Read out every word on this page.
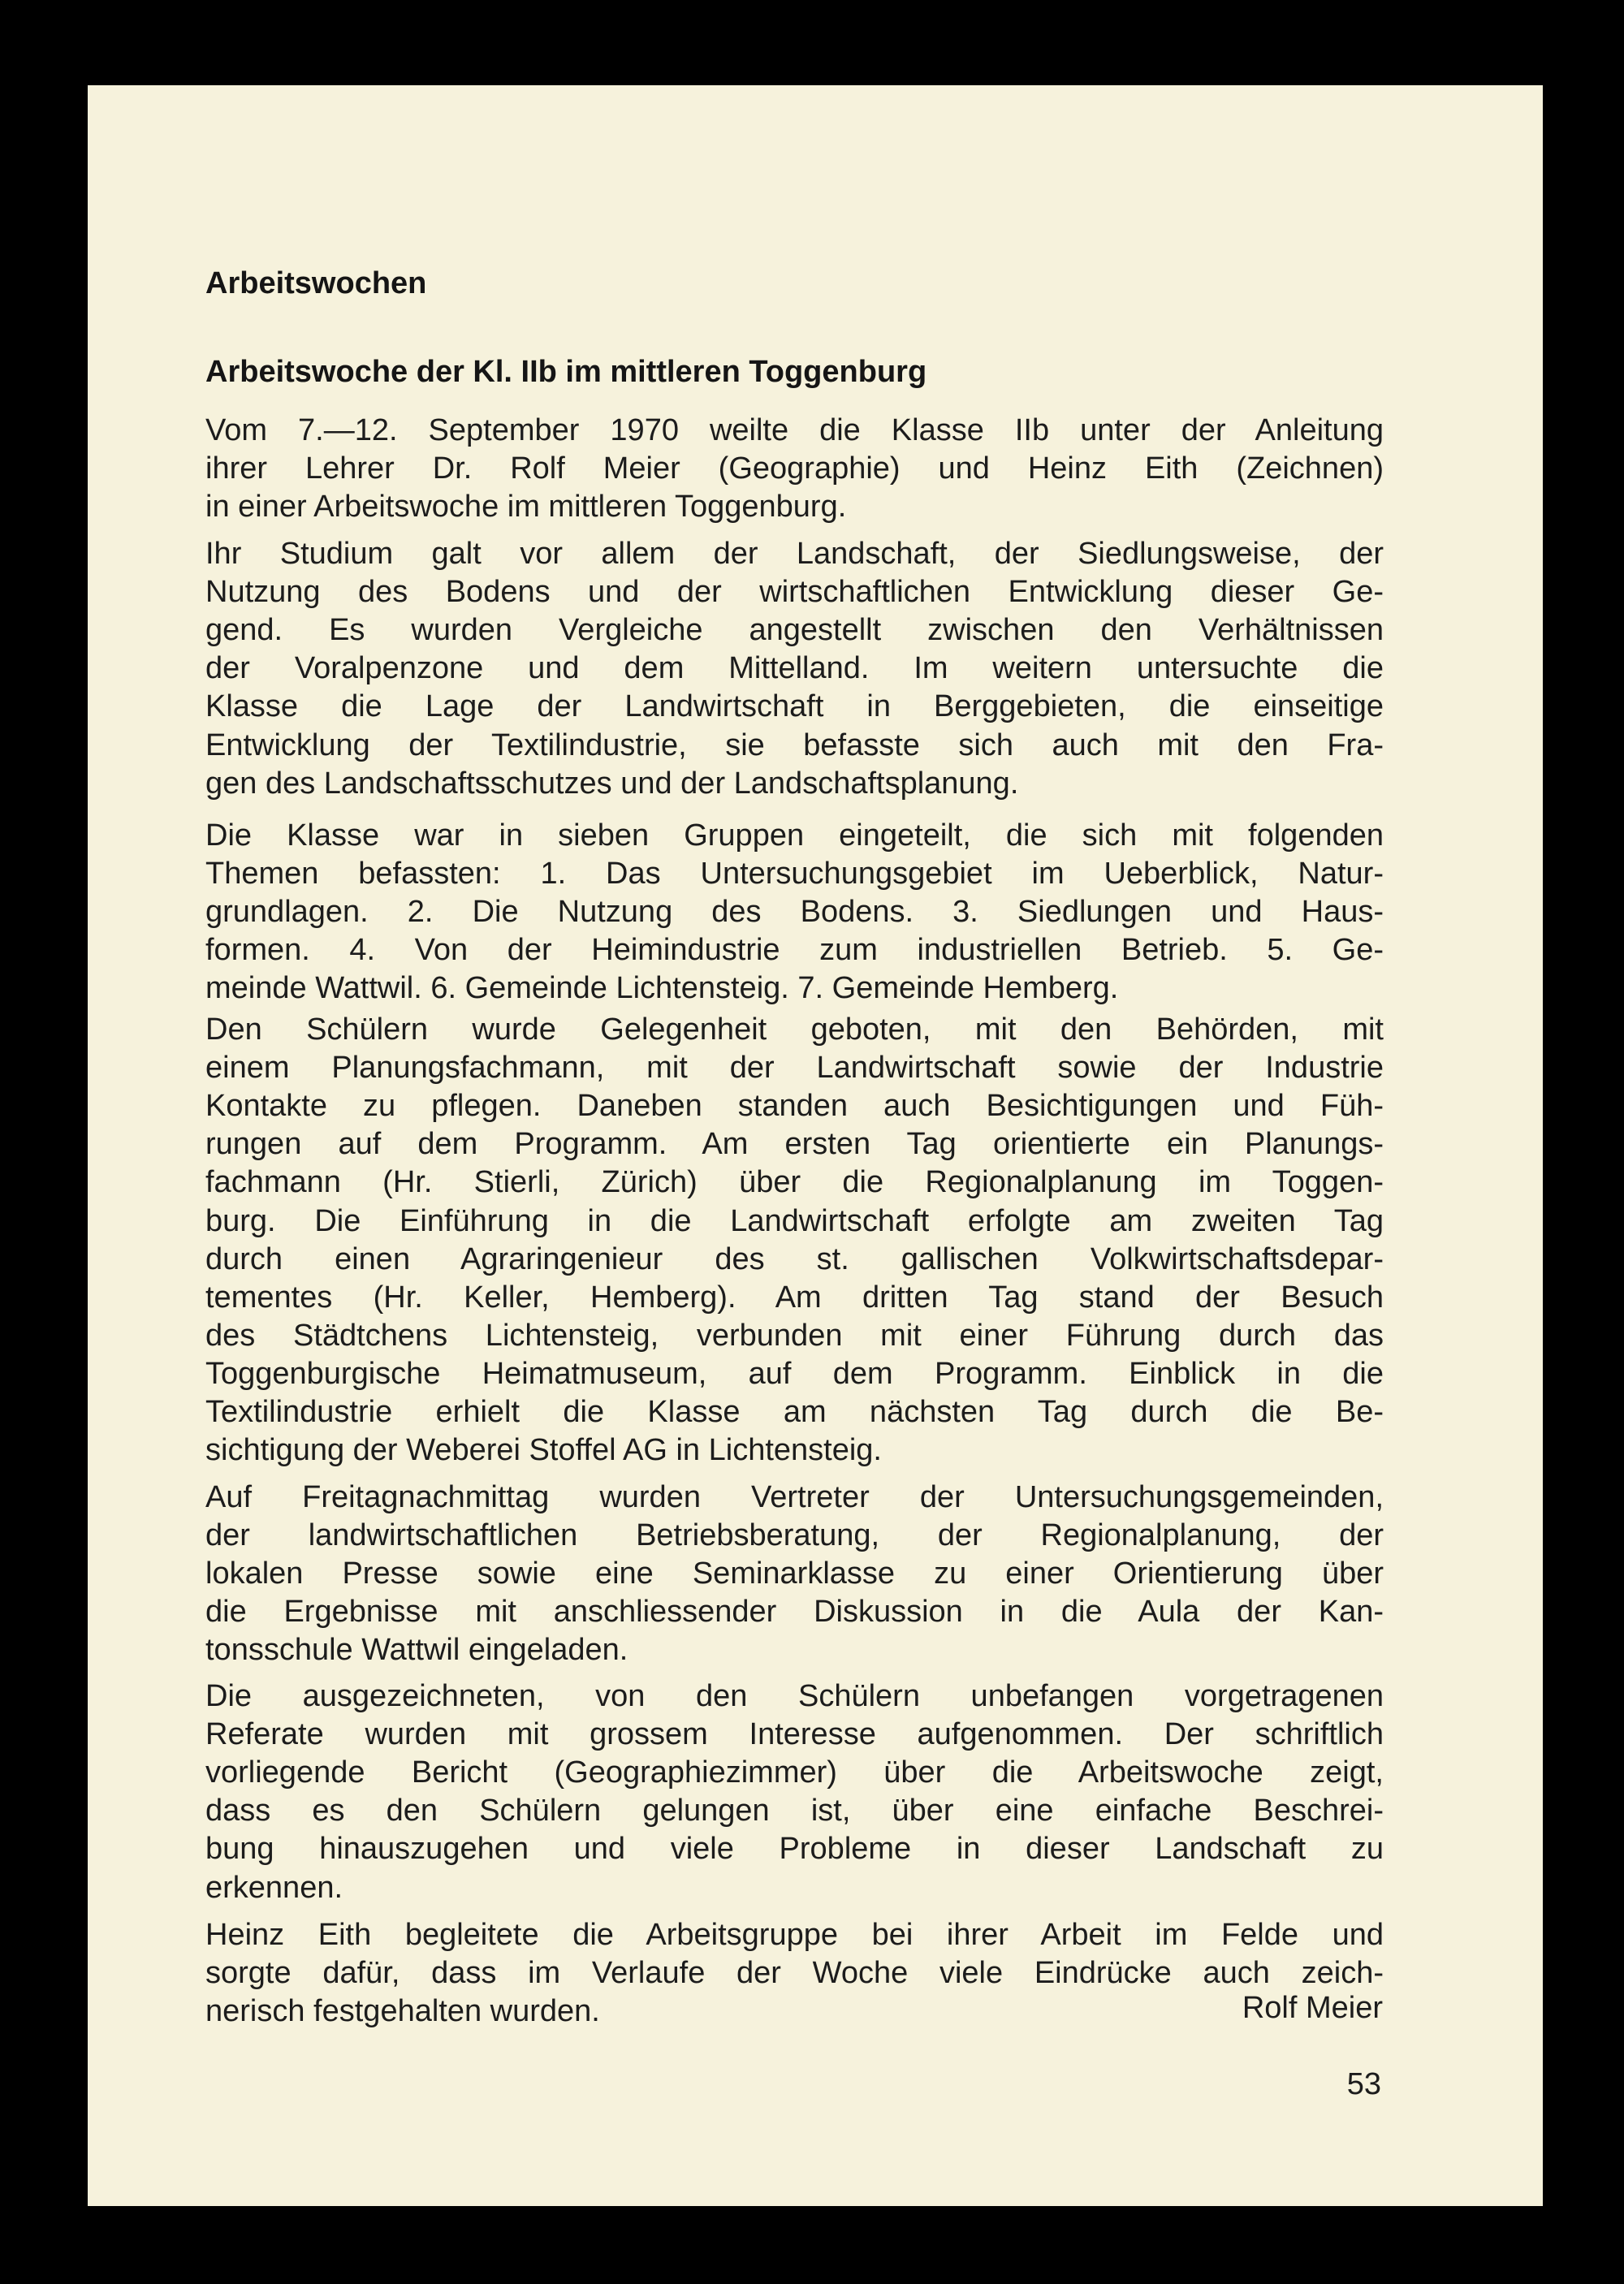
Arbeitswochen
Arbeitswoche der Kl. IIb im mittleren Toggenburg
Vom 7.—12. September 1970 weilte die Klasse IIb unter der Anleitung
ihrer Lehrer Dr. Rolf Meier (Geographie) und Heinz Eith (Zeichnen)
in einer Arbeitswoche im mittleren Toggenburg.
Ihr Studium galt vor allem der Landschaft, der Siedlungsweise, der
Nutzung des Bodens und der wirtschaftlichen Entwicklung dieser Ge-
gend. Es wurden Vergleiche angestellt zwischen den Verhältnissen
der Voralpenzone und dem Mittelland. Im weitern untersuchte die
Klasse die Lage der Landwirtschaft in Berggebieten, die einseitige
Entwicklung der Textilindustrie, sie befasste sich auch mit den Fra-
gen des Landschaftsschutzes und der Landschaftsplanung.
Die Klasse war in sieben Gruppen eingeteilt, die sich mit folgenden
Themen befassten: 1. Das Untersuchungsgebiet im Ueberblick, Natur-
grundlagen. 2. Die Nutzung des Bodens. 3. Siedlungen und Haus-
formen. 4. Von der Heimindustrie zum industriellen Betrieb. 5. Ge-
meinde Wattwil. 6. Gemeinde Lichtensteig. 7. Gemeinde Hemberg.
Den Schülern wurde Gelegenheit geboten, mit den Behörden, mit
einem Planungsfachmann, mit der Landwirtschaft sowie der Industrie
Kontakte zu pflegen. Daneben standen auch Besichtigungen und Füh-
rungen auf dem Programm. Am ersten Tag orientierte ein Planungs-
fachmann (Hr. Stierli, Zürich) über die Regionalplanung im Toggen-
burg. Die Einführung in die Landwirtschaft erfolgte am zweiten Tag
durch einen Agraringenieur des st. gallischen Volkwirtschaftsdepar-
tementes (Hr. Keller, Hemberg). Am dritten Tag stand der Besuch
des Städtchens Lichtensteig, verbunden mit einer Führung durch das
Toggenburgische Heimatmuseum, auf dem Programm. Einblick in die
Textilindustrie erhielt die Klasse am nächsten Tag durch die Be-
sichtigung der Weberei Stoffel AG in Lichtensteig.
Auf Freitagnachmittag wurden Vertreter der Untersuchungsgemeinden,
der landwirtschaftlichen Betriebsberatung, der Regionalplanung, der
lokalen Presse sowie eine Seminarklasse zu einer Orientierung über
die Ergebnisse mit anschliessender Diskussion in die Aula der Kan-
tonsschule Wattwil eingeladen.
Die ausgezeichneten, von den Schülern unbefangen vorgetragenen
Referate wurden mit grossem Interesse aufgenommen. Der schriftlich
vorliegende Bericht (Geographiezimmer) über die Arbeitswoche zeigt,
dass es den Schülern gelungen ist, über eine einfache Beschrei-
bung hinauszugehen und viele Probleme in dieser Landschaft zu
erkennen.
Heinz Eith begleitete die Arbeitsgruppe bei ihrer Arbeit im Felde und
sorgte dafür, dass im Verlaufe der Woche viele Eindrücke auch zeich-
nerisch festgehalten wurden.	Rolf Meier
53
